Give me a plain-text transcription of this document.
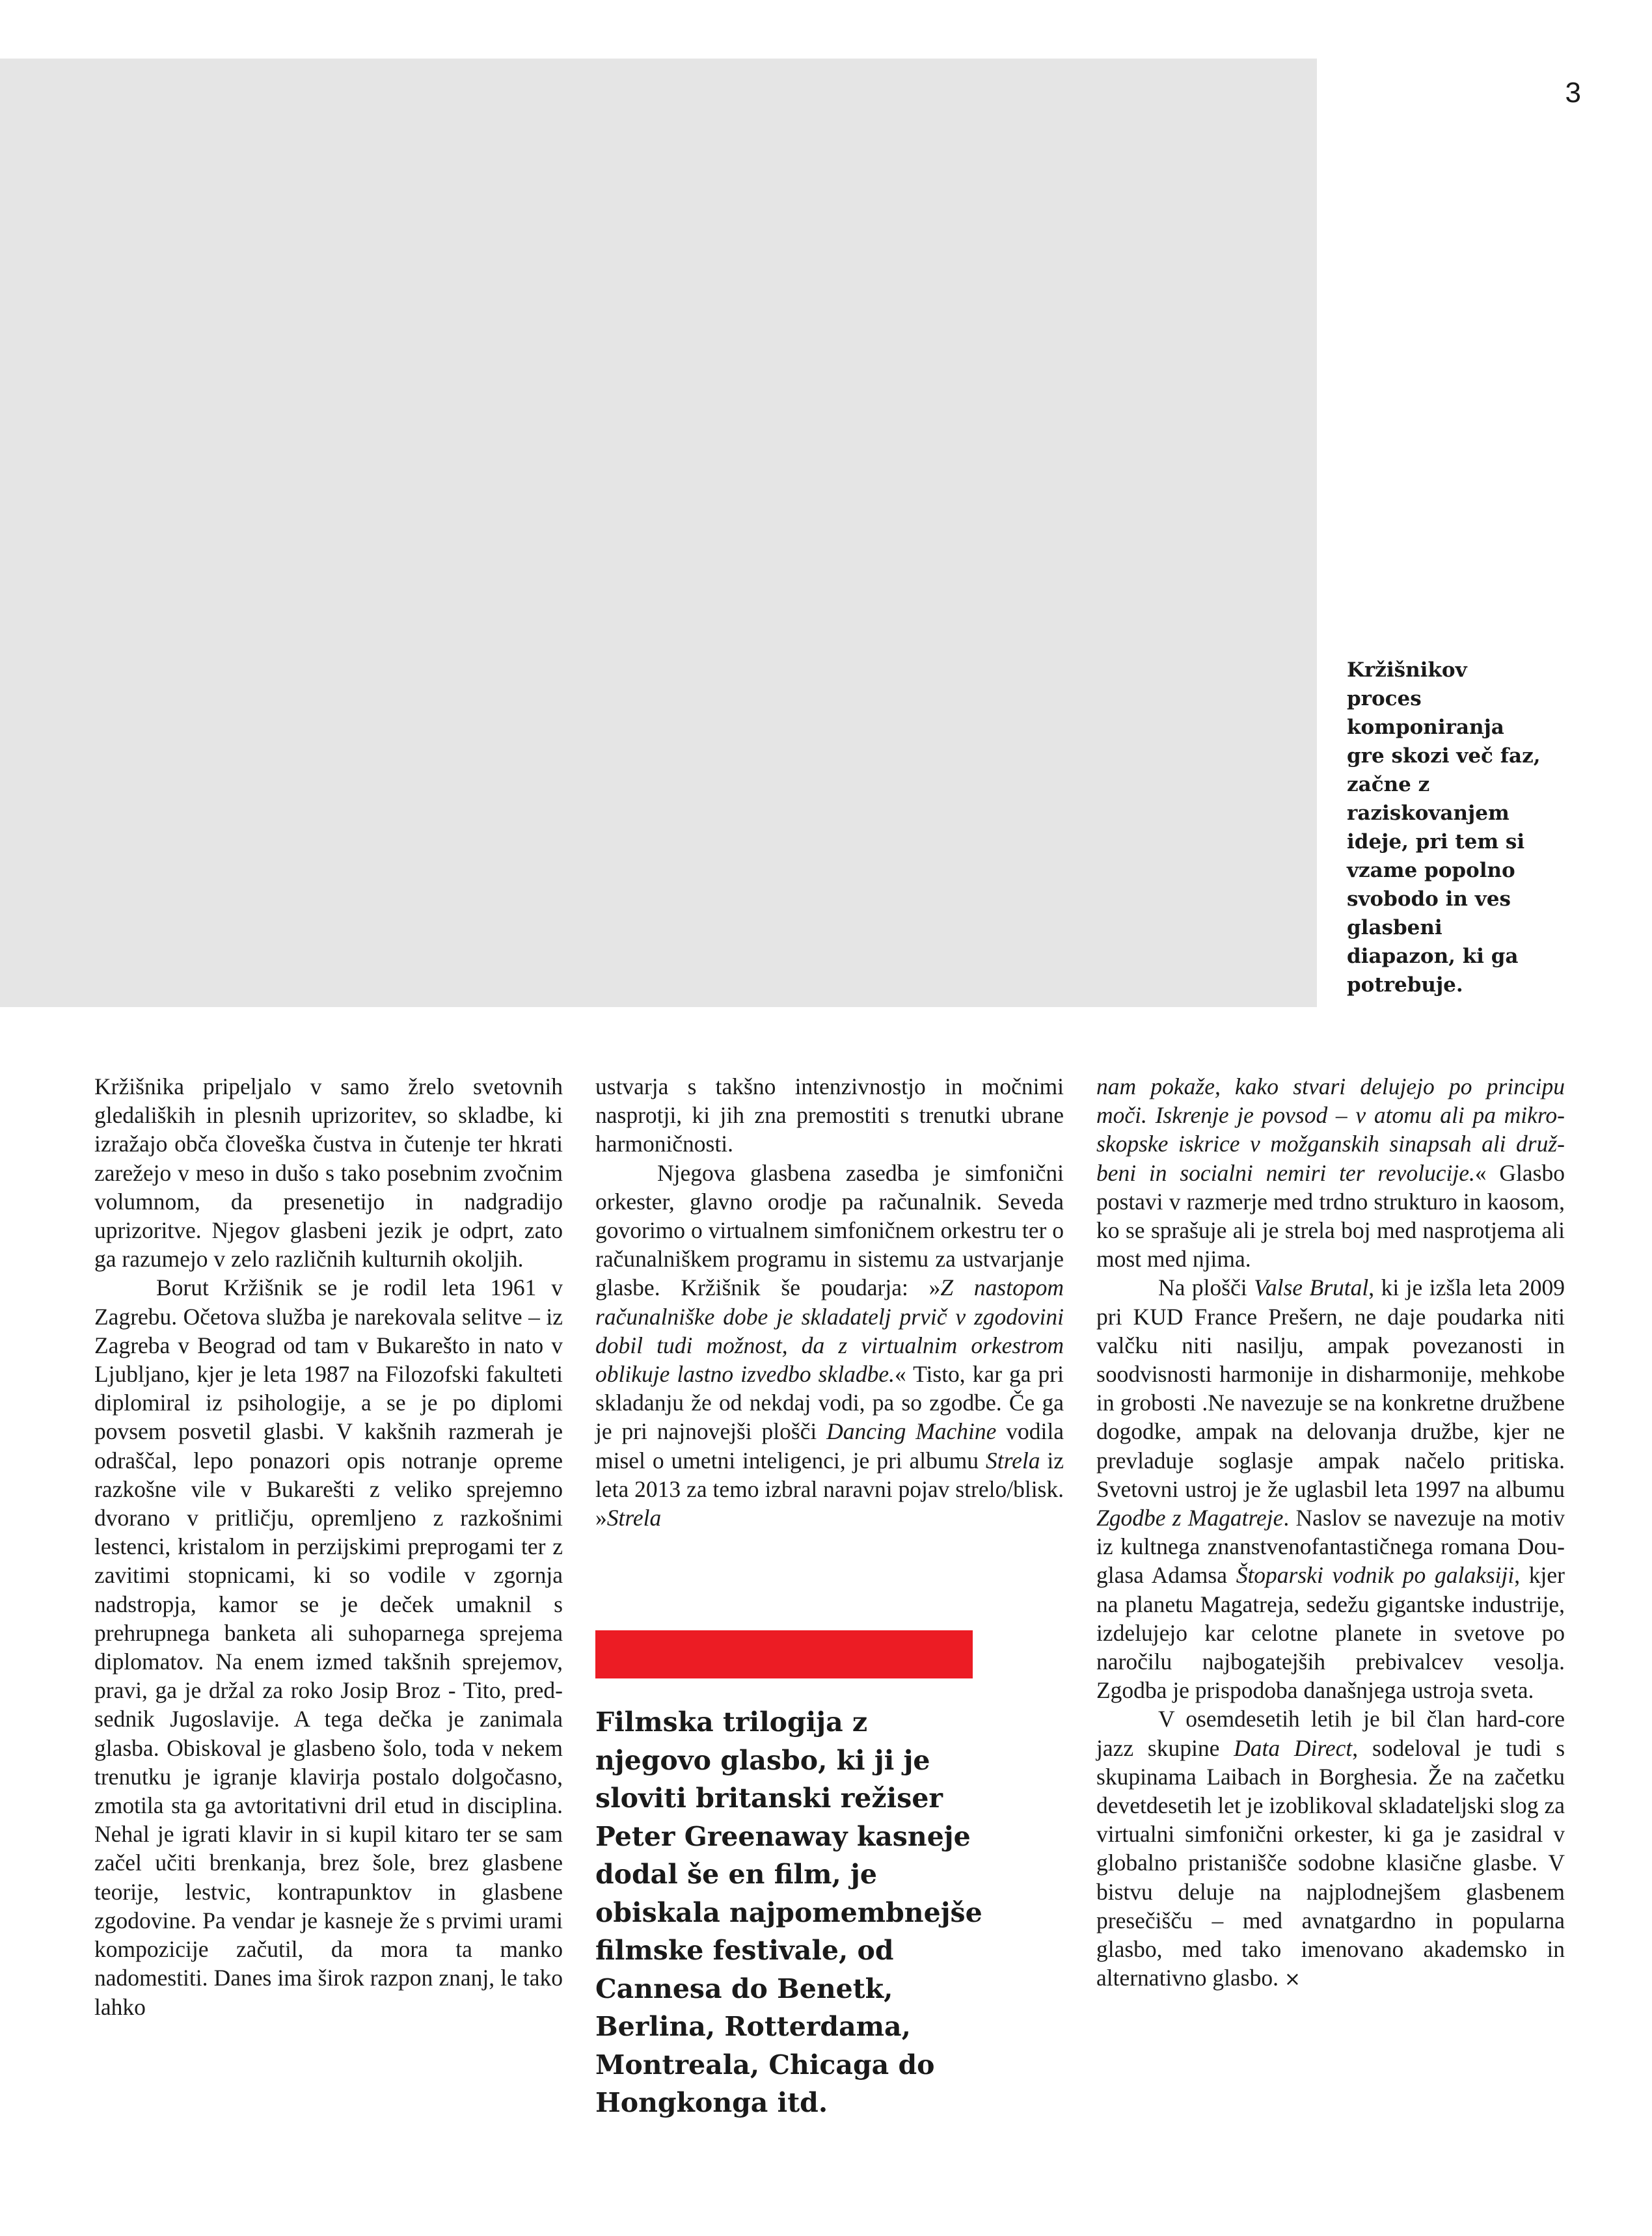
3
Kržišnikov proces komponiranja gre skozi več faz, začne z raziskovanjem ideje, pri tem si vzame popolno svobodo in ves glasbeni diapazon, ki ga potrebuje.

Kržišnika pripeljalo v samo žrelo svetovnih gledaliških in plesnih uprizoritev, so skladbe, ki izražajo obča človeška čustva in čutenje ter hkrati zarežejo v meso in dušo s tako posebnim zvočnim volumnom, da presenetijo in nadgradijo uprizoritve. Njegov glasbeni jezik je odprt, zato ga razumejo v zelo različnih kulturnih okoljih.

Borut Kržišnik se je rodil leta 1961 v Zagrebu. Očetova služba je narekovala selitve – iz Zagreba v Beograd od tam v Bukarešto in nato v Ljubljano, kjer je leta 1987 na Filozofski fakulteti diplomiral iz psihologije, a se je po diplomi povsem posvetil glasbi. V kakšnih razmerah je odraščal, lepo ponazori opis notranje opreme razkošne vile v Bukarešti z veliko sprejemno dvorano v pritličju, opremljeno z razkošnimi lestenci, kristalom in perzijskimi preprogami ter z zavitimi stopnicami, ki so vodile v zgornja nadstropja, kamor se je deček umaknil s prehrupnega banketa ali suhoparnega sprejema diplomatov. Na enem izmed takšnih sprejemov, pravi, ga je držal za roko Josip Broz - Tito, predsednik Jugoslavije. A tega dečka je zanimala glasba. Obiskoval je glasbeno šolo, toda v nekem trenutku je igranje klavirja postalo dolgočasno, zmotila sta ga avtoritativni dril etud in disciplina. Nehal je igrati klavir in si kupil kitaro ter se sam začel učiti brenkanja, brez šole, brez glasbene teorije, lestvic, kontrapunktov in glasbene zgodovine. Pa vendar je kasneje že s prvimi urami kompozicije začutil, da mora ta manko nadomestiti. Danes ima širok razpon znanj, le tako lahko

ustvarja s takšno intenzivnostjo in močnimi nasprotji, ki jih zna premostiti s trenutki ubrane harmoničnosti.

Njegova glasbena zasedba je simfonični orkester, glavno orodje pa računalnik. Seveda govorimo o virtualnem simfoničnem orkestru ter o računalniškem programu in sistemu za ustvarjanje glasbe. Kržišnik še poudarja: »Z nastopom računalniške dobe je skladatelj prvič v zgodovini dobil tudi možnost, da z virtualnim orkestrom oblikuje lastno izvedbo skladbe.« Tisto, kar ga pri skladanju že od nekdaj vodi, pa so zgodbe. Če ga je pri najnovejši plošči Dancing Machine vodila misel o umetni inteligenci, je pri albumu Strela iz leta 2013 za temo izbral naravni pojav strelo/blisk. »Strela

Filmska trilogija z njegovo glasbo, ki ji je sloviti britanski režiser Peter Greenaway kasneje dodal še en film, je obiskala najpomembnejše filmske festivale, od Cannesa do Benetk, Berlina, Rotterdama, Montreala, Chicaga do Hongkonga itd.

nam pokaže, kako stvari delujejo po principu moči. Iskrenje je povsod – v atomu ali pa mikroskopske iskrice v možganskih sinapsah ali družbeni in socialni nemiri ter revolucije.« Glasbo postavi v razmerje med trdno strukturo in kaosom, ko se sprašuje ali je strela boj med nasprotjema ali most med njima.

Na plošči Valse Brutal, ki je izšla leta 2009 pri KUD France Prešern, ne daje poudarka niti valčku niti nasilju, ampak povezanosti in soodvisnosti harmonije in disharmonije, mehkobe in grobosti .Ne navezuje se na konkretne družbene dogodke, ampak na delovanja družbe, kjer ne prevladuje soglasje ampak načelo pritiska. Svetovni ustroj je že uglasbil leta 1997 na albumu Zgodbe z Magatreje. Naslov se navezuje na motiv iz kultnega znanstvenofantastičnega romana Douglasa Adamsa Štoparski vodnik po galaksiji, kjer na planetu Magatreja, sedežu gigantske industrije, izdelujejo kar celotne planete in svetove po naročilu najbogatejših prebivalcev vesolja. Zgodba je prispodoba današnjega ustroja sveta.

V osemdesetih letih je bil član hard-core jazz skupine Data Direct, sodeloval je tudi s skupinama Laibach in Borghesia. Že na začetku devetdesetih let je izoblikoval skladateljski slog za virtualni simfonični orkester, ki ga je zasidral v globalno pristanišče sodobne klasične glasbe. V bistvu deluje na najplodnejšem glasbenem presečišču – med avnatgardno in popularna glasbo, med tako imenovano akademsko in alternativno glasbo. ×
